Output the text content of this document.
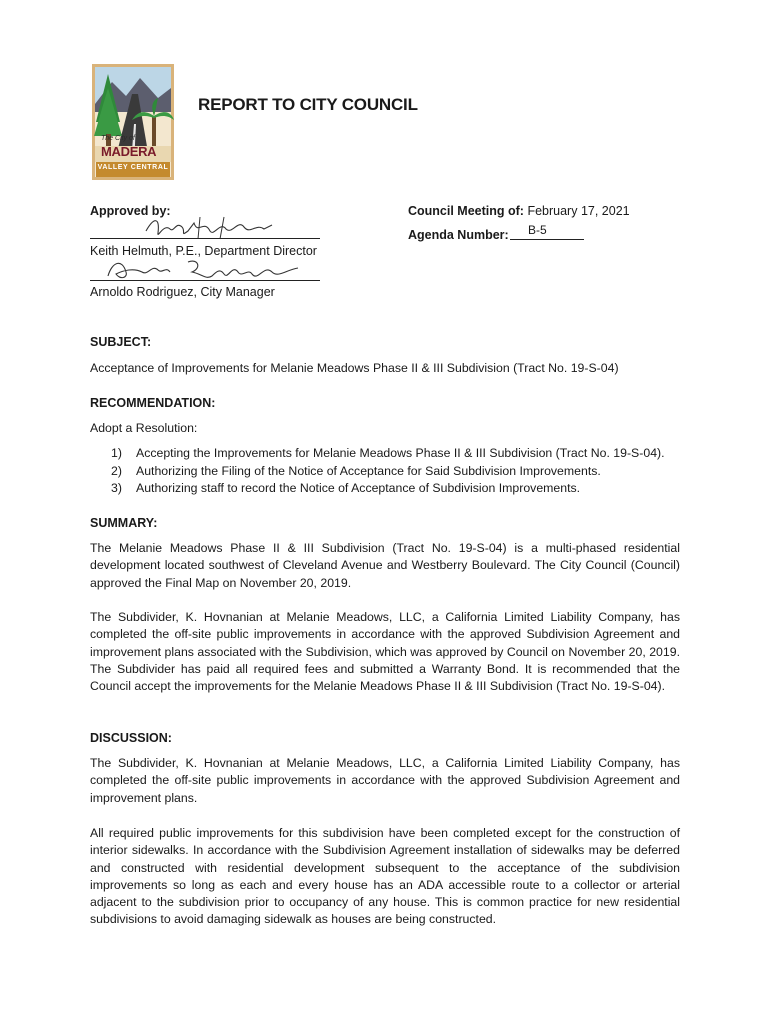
The City of
MADERA
VALLEY CENTRAL
REPORT TO CITY COUNCIL
Approved by:
Keith Helmuth, P.E., Department Director
Arnoldo Rodriguez, City Manager
Council Meeting of: February 17, 2021
Agenda Number: B-5
SUBJECT:
Acceptance of Improvements for Melanie Meadows Phase II & III Subdivision (Tract No. 19-S-04)
RECOMMENDATION:
Adopt a Resolution:
1)	Accepting the Improvements for Melanie Meadows Phase II & III Subdivision (Tract No. 19-S-04).
2)	Authorizing the Filing of the Notice of Acceptance for Said Subdivision Improvements.
3)	Authorizing staff to record the Notice of Acceptance of Subdivision Improvements.
SUMMARY:
The Melanie Meadows Phase II & III Subdivision (Tract No. 19-S-04) is a multi-phased residential development located southwest of Cleveland Avenue and Westberry Boulevard. The City Council (Council) approved the Final Map on November 20, 2019.
The Subdivider, K. Hovnanian at Melanie Meadows, LLC, a California Limited Liability Company, has completed the off-site public improvements in accordance with the approved Subdivision Agreement and improvement plans associated with the Subdivision, which was approved by Council on November 20, 2019. The Subdivider has paid all required fees and submitted a Warranty Bond. It is recommended that the Council accept the improvements for the Melanie Meadows Phase II & III Subdivision (Tract No. 19-S-04).
DISCUSSION:
The Subdivider, K. Hovnanian at Melanie Meadows, LLC, a California Limited Liability Company, has completed the off-site public improvements in accordance with the approved Subdivision Agreement and improvement plans.
All required public improvements for this subdivision have been completed except for the construction of interior sidewalks. In accordance with the Subdivision Agreement installation of sidewalks may be deferred and constructed with residential development subsequent to the acceptance of the subdivision improvements so long as each and every house has an ADA accessible route to a collector or arterial adjacent to the subdivision prior to occupancy of any house. This is common practice for new residential subdivisions to avoid damaging sidewalk as houses are being constructed.
